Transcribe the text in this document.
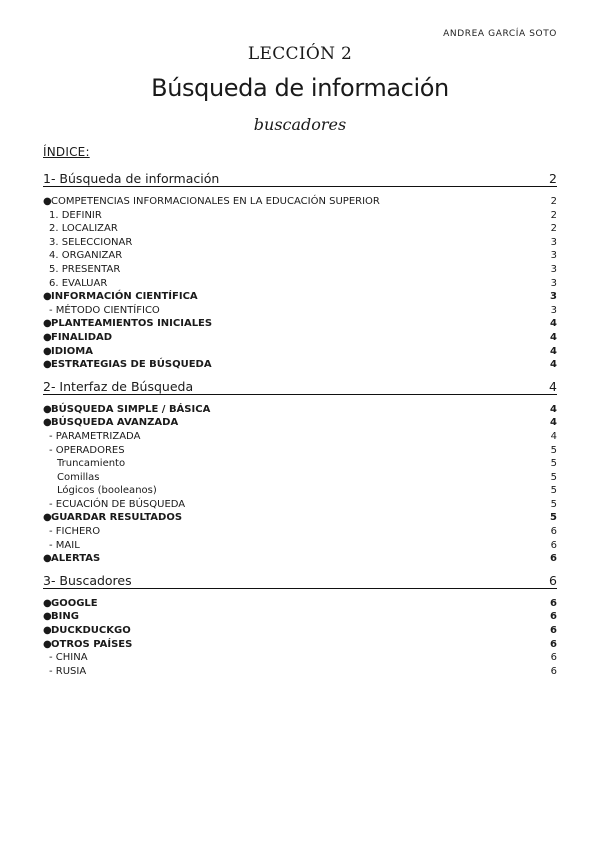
ANDREA GARCÍA SOTO
LECCIÓN 2
Búsqueda de información
buscadores
ÍNDICE:
1- Búsqueda de información	2
●COMPETENCIAS INFORMACIONALES EN LA EDUCACIÓN SUPERIOR	2
1. DEFINIR	2
2. LOCALIZAR	2
3. SELECCIONAR	3
4. ORGANIZAR	3
5. PRESENTAR	3
6. EVALUAR	3
●INFORMACIÓN CIENTÍFICA	3
- MÉTODO CIENTÍFICO	3
●PLANTEAMIENTOS INICIALES	4
●FINALIDAD	4
●IDIOMA	4
●ESTRATEGIAS DE BÚSQUEDA	4
2- Interfaz de Búsqueda	4
●BÚSQUEDA SIMPLE / BÁSICA	4
●BÚSQUEDA AVANZADA	4
- PARAMETRIZADA	4
- OPERADORES	5
Truncamiento	5
Comillas	5
Lógicos (booleanos)	5
- ECUACIÓN DE BÚSQUEDA	5
●GUARDAR RESULTADOS	5
- FICHERO	6
- MAIL	6
●ALERTAS	6
3- Buscadores	6
●GOOGLE	6
●BING	6
●DUCKDUCKGO	6
●OTROS PAÍSES	6
- CHINA	6
- RUSIA	6
